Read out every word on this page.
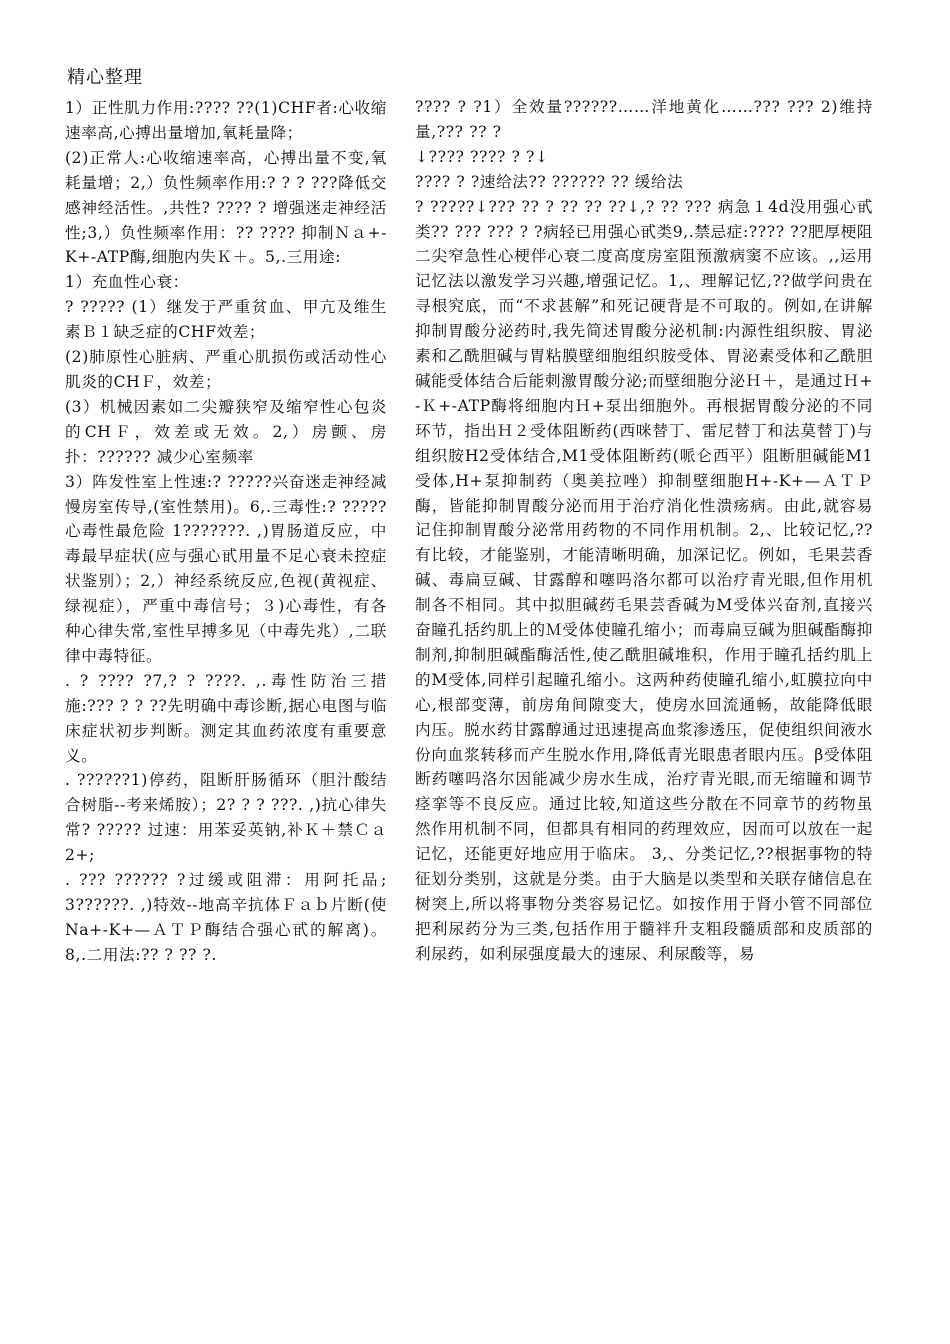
精心整理

1）正性肌力作用:???? ??(1)CHF者:心收缩速率高,心搏出量增加,氧耗量降；

(2)正常人:心收缩速率高，心搏出量不变,氧耗量增；2,）负性频率作用:? ? ? ???降低交感神经活性。,共性? ???? ? 增强迷走神经活性;3,）负性频率作用：?? ???? 抑制Ｎａ+-K+-ATP酶,细胞内失Ｋ＋。5,.三用途:

1）充血性心衰：

? ????? (1）继发于严重贫血、甲亢及维生素Ｂ１缺乏症的CHF效差；

(2)肺原性心脏病、严重心肌损伤或活动性心肌炎的CHＦ，效差；

(3）机械因素如二尖瓣狭窄及缩窄性心包炎的CHＦ，效差或无效。2,）房颤、房扑：?????? 减少心室频率

3）阵发性室上性速:? ?????兴奋迷走神经减慢房室传导,(室性禁用)。6,.三毒性:? ?????心毒性最危险 1???????. ,)胃肠道反应，中毒最早症状(应与强心甙用量不足心衰未控症状鉴别）；2,）神经系统反应,色视(黄视症、绿视症），严重中毒信号；３)心毒性，有各种心律失常,室性早搏多见（中毒先兆）,二联律中毒特征。

. ? ???? ?7,? ? ????. ,.毒性防治三措施:??? ? ? ??先明确中毒诊断,据心电图与临床症状初步判断。测定其血药浓度有重要意义。

. ??????1)停药，阻断肝肠循环（胆汁酸结合树脂--考来烯胺）；2? ? ? ???. ,)抗心律失常? ????? 过速：用苯妥英钠,补Ｋ＋禁Ｃａ 2+;

. ??? ?????? ?过缓或阻滞：用阿托品;3??????. ,)特效--地高辛抗体Ｆａｂ片断(使Na+-K+—ＡＴＰ酶结合强心甙的解离)。8,.二用法:?? ? ?? ?.

???? ? ?1）全效量??????……洋地黄化……??? ??? 2)维持量,??? ?? ?

↓???? ???? ? ?↓

???? ? ?速给法?? ?????? ?? 缓给法

? ?????↓??? ?? ? ?? ?? ??↓,? ?? ??? 病急１4d没用强心甙类?? ??? ??? ? ?病轻已用强心甙类9,.禁忌症:???? ??肥厚梗阻二尖窄急性心梗伴心衰二度高度房室阻预激病窦不应该。,,运用记忆法以激发学习兴趣,增强记忆。1,、理解记忆,??做学问贵在寻根究底，而“不求甚解”和死记硬背是不可取的。例如,在讲解抑制胃酸分泌药时,我先简述胃酸分泌机制:内源性组织胺、胃泌素和乙酰胆碱与胃粘膜壁细胞组织胺受体、胃泌素受体和乙酰胆碱能受体结合后能刺激胃酸分泌;而壁细胞分泌Ｈ＋，是通过Ｈ+-Ｋ+-ATP酶将细胞内Ｈ+泵出细胞外。再根据胃酸分泌的不同环节，指出Ｈ２受体阻断药(西咪替丁、雷尼替丁和法莫替丁)与组织胺H2受体结合,M1受体阻断药(哌仑西平）阻断胆碱能M1受体,H+泵抑制药（奥美拉唑）抑制壁细胞H+-K+—ＡＴＰ酶，皆能抑制胃酸分泌而用于治疗消化性溃疡病。由此,就容易记住抑制胃酸分泌常用药物的不同作用机制。2,、比较记忆,?? 有比较，才能鉴别，才能清晰明确，加深记忆。例如，毛果芸香碱、毒扁豆碱、甘露醇和噻吗洛尔都可以治疗青光眼,但作用机制各不相同。其中拟胆碱药毛果芸香碱为M受体兴奋剂,直接兴奋瞳孔括约肌上的Ｍ受体使瞳孔缩小；而毒扁豆碱为胆碱酯酶抑制剂,抑制胆碱酯酶活性,使乙酰胆碱堆积，作用于瞳孔括约肌上的M受体,同样引起瞳孔缩小。这两种药使瞳孔缩小,虹膜拉向中心,根部变薄，前房角间隙变大，使房水回流通畅，故能降低眼内压。脱水药甘露醇通过迅速提高血浆渗透压，促使组织间液水份向血浆转移而产生脱水作用,降低青光眼患者眼内压。β受体阻断药噻吗洛尔因能减少房水生成，治疗青光眼,而无缩瞳和调节痉挛等不良反应。通过比较,知道这些分散在不同章节的药物虽然作用机制不同，但都具有相同的药理效应，因而可以放在一起记忆，还能更好地应用于临床。 3,、分类记忆,??根据事物的特征划分类别，这就是分类。由于大脑是以类型和关联存储信息在树突上,所以将事物分类容易记忆。如按作用于肾小管不同部位把利尿药分为三类,包括作用于髓袢升支粗段髓质部和皮质部的利尿药，如利尿强度最大的速尿、利尿酸等，易
